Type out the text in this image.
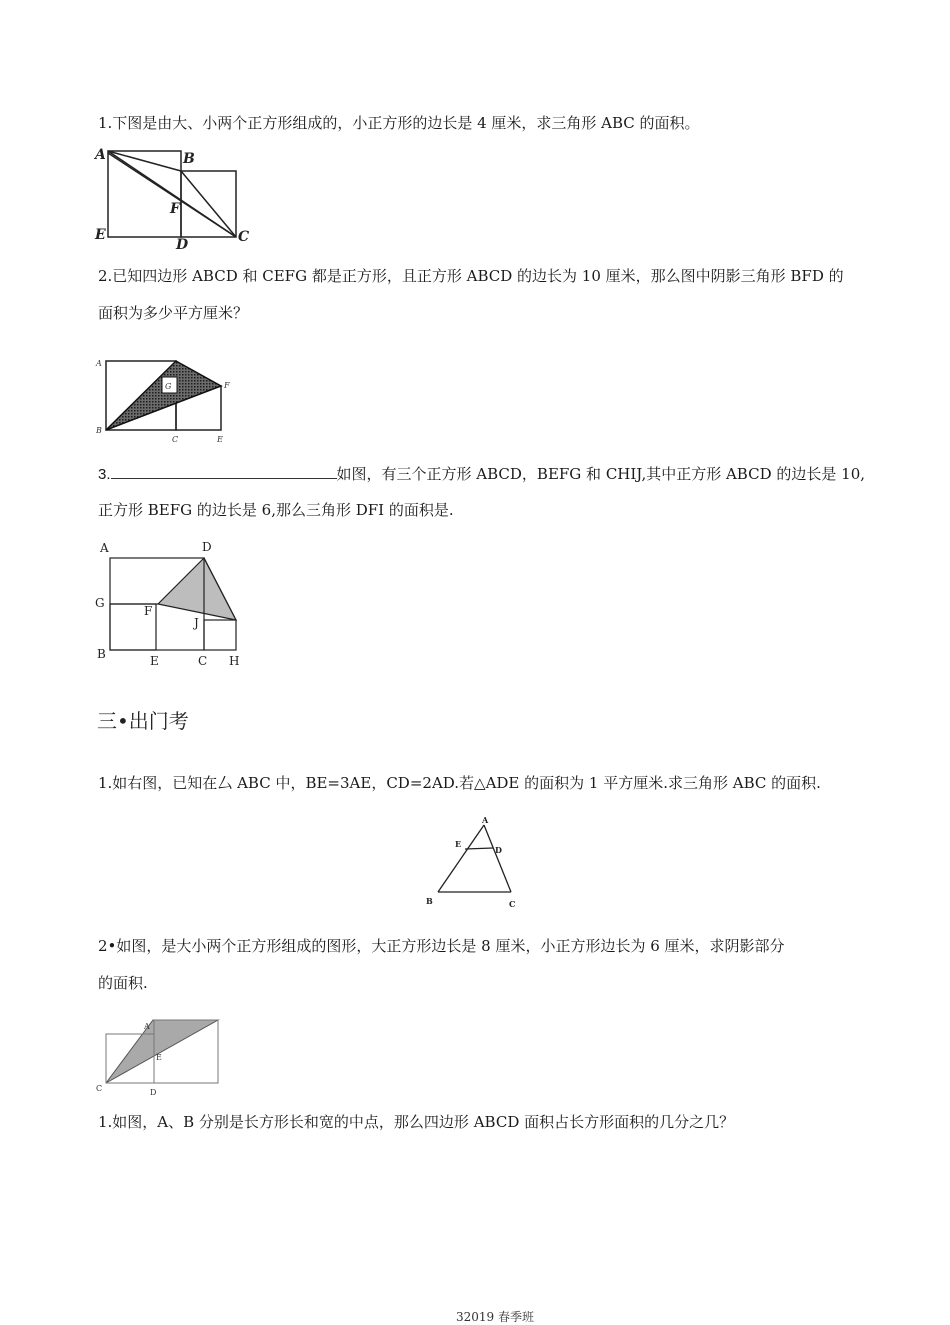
1.下图是由大、小两个正方形组成的，小正方形的边长是 4 厘米，求三角形 ABC 的面积。
A	B
F
E
D	C
2.已知四边形 ABCD 和 CEFG 都是正方形，且正方形 ABCD 的边长为 10 厘米，那么图中阴影三角形 BFD 的
面积为多少平方厘米？
A
B
C	E
F
G
3.	如图，有三个正方形 ABCD，BEFG 和 CHIJ,其中正方形 ABCD 的边长是 10,
正方形 BEFG 的边长是 6,那么三角形 DFI 的面积是.
A	D
G
F
J
B	E	C H
三•出门考
1.如右图，已知在厶 ABC 中，BE=3AE，CD=2AD.若△ADE 的面积为 1 平方厘米.求三角形 ABC 的面积.
A
E
D
B	C
2•如图，是大小两个正方形组成的图形，大正方形边长是 8 厘米，小正方形边长为 6 厘米，求阴影部分
的面积.
A
E
C	D
1.如图，A、B 分别是长方形长和宽的中点，那么四边形 ABCD 面积占长方形面积的几分之几？
32019 春季班
